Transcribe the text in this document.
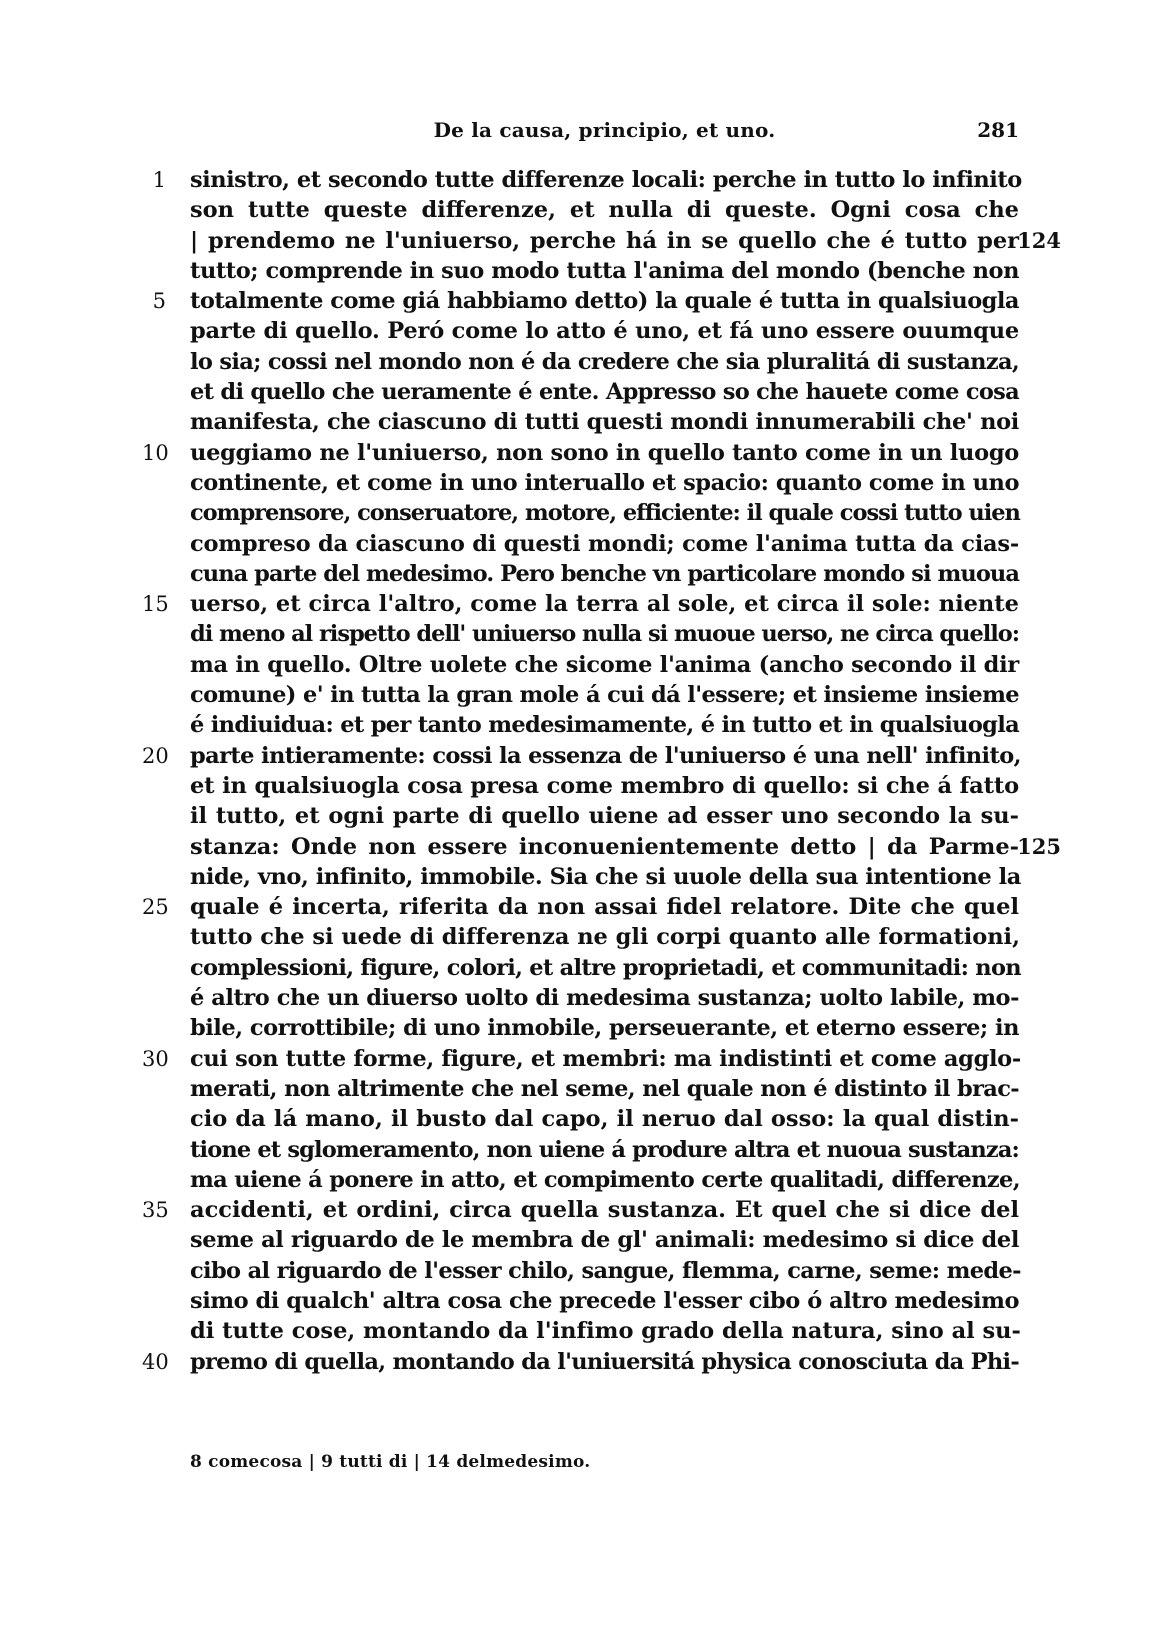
De la causa, principio, et uno.	281
1 sinistro, et secondo tutte differenze locali: perche in tutto lo infinito
son tutte queste differenze, et nulla di queste. Ogni cosa che
| prendemo ne l'uniuerso, perche há in se quello che é tutto per
124
tutto; comprende in suo modo tutta l'anima del mondo (benche non
5 totalmente come giá habbiamo detto) la quale é tutta in qualsiuogla
parte di quello. Peró come lo atto é uno, et fá uno essere ouumque
lo sia; cossi nel mondo non é da credere che sia pluralitá di sustanza,
et di quello che ueramente é ente. Appresso so che hauete come cosa
manifesta, che ciascuno di tutti questi mondi innumerabili che' noi
10 ueggiamo ne l'uniuerso, non sono in quello tanto come in un luogo
continente, et come in uno interuallo et spacio: quanto come in uno
comprensore, conseruatore, motore, efficiente: il quale cossi tutto uien
compreso da ciascuno di questi mondi; come l'anima tutta da cias-
cuna parte del medesimo. Pero benche vn particolare mondo si muoua
15 uerso, et circa l'altro, come la terra al sole, et circa il sole: niente
di meno al rispetto dell' uniuerso nulla si muoue uerso, ne circa quello:
ma in quello. Oltre uolete che sicome l'anima (ancho secondo il dir
comune) e' in tutta la gran mole á cui dá l'essere; et insieme insieme
é indiuidua: et per tanto medesimamente, é in tutto et in qualsiuogla
20 parte intieramente: cossi la essenza de l'uniuerso é una nell' infinito,
et in qualsiuogla cosa presa come membro di quello: si che á fatto
il tutto, et ogni parte di quello uiene ad esser uno secondo la su-
stanza: Onde non essere inconuenientemente detto | da Parme-
125
nide, vno, infinito, immobile. Sia che si uuole della sua intentione la
25 quale é incerta, riferita da non assai fidel relatore. Dite che quel
tutto che si uede di differenza ne gli corpi quanto alle formationi,
complessioni, figure, colori, et altre proprietadi, et communitadi: non
é altro che un diuerso uolto di medesima sustanza; uolto labile, mo-
bile, corrottibile; di uno inmobile, perseuerante, et eterno essere; in
30 cui son tutte forme, figure, et membri: ma indistinti et come agglo-
merati, non altrimente che nel seme, nel quale non é distinto il brac-
cio da lá mano, il busto dal capo, il neruo dal osso: la qual distin-
tione et sglomeramento, non uiene á produre altra et nuoua sustanza:
ma uiene á ponere in atto, et compimento certe qualitadi, differenze,
35 accidenti, et ordini, circa quella sustanza. Et quel che si dice del
seme al riguardo de le membra de gl' animali: medesimo si dice del
cibo al riguardo de l'esser chilo, sangue, flemma, carne, seme: mede-
simo di qualch' altra cosa che precede l'esser cibo ó altro medesimo
di tutte cose, montando da l'infimo grado della natura, sino al su-
40 premo di quella, montando da l'uniuersitá physica conosciuta da Phi-
8 comecosa | 9 tutti di | 14 delmedesimo.
